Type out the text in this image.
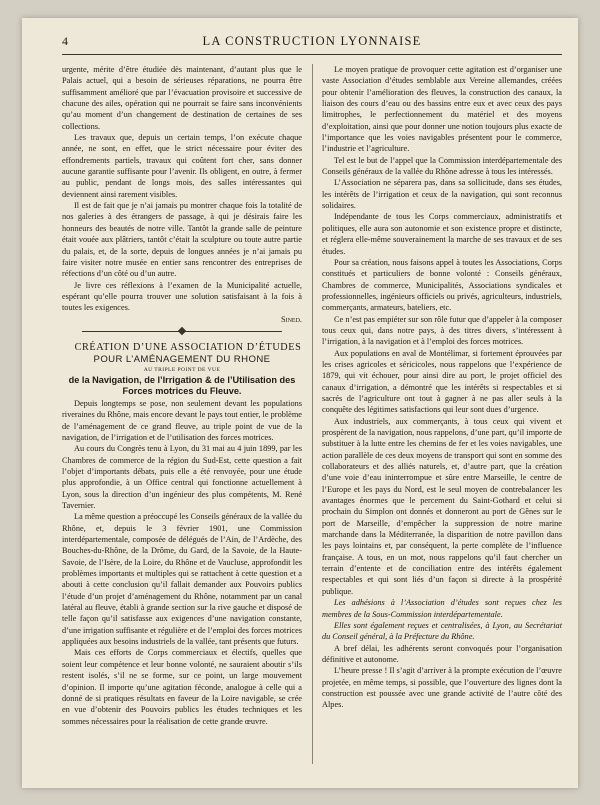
4	LA CONSTRUCTION LYONNAISE

urgente, mérite d’être étudiée dès maintenant, d’autant plus que le Palais actuel, qui a besoin de sérieuses réparations, ne pourra être suffisamment amélioré que par l’évacuation provisoire et successive de chacune des ailes, opération qui ne pourrait se faire sans inconvénients qu’au moment d’un changement de destination de certaines de ses collections.

Les travaux que, depuis un certain temps, l’on exécute chaque année, ne sont, en effet, que le strict nécessaire pour éviter des effondrements partiels, travaux qui coûtent fort cher, sans donner aucune garantie suffisante pour l’avenir. Ils obligent, en outre, à fermer au public, pendant de longs mois, des salles intéressantes qui deviennent ainsi rarement visibles.

Il est de fait que je n’ai jamais pu montrer chaque fois la totalité de nos galeries à des étrangers de passage, à qui je désirais faire les honneurs des beautés de notre ville. Tantôt la grande salle de peinture était vouée aux plâtriers, tantôt c’était la sculpture ou toute autre partie du palais, et, de la sorte, depuis de longues années je n’ai jamais pu faire visiter notre musée en entier sans rencontrer des entreprises de réfections d’un côté ou d’un autre.

Je livre ces réflexions à l’examen de la Municipalité actuelle, espérant qu’elle pourra trouver une solution satisfaisant à la fois à toutes les exigences.

Sined.

CRÉATION D’UNE ASSOCIATION D’ÉTUDES

POUR L’AMÉNAGEMENT DU RHONE

AU TRIPLE POINT DE VUE

de la Navigation, de l’Irrigation & de l’Utilisation des Forces motrices du Fleuve.

Depuis longtemps se pose, non seulement devant les populations riveraines du Rhône, mais encore devant le pays tout entier, le problème de l’aménagement de ce grand fleuve, au triple point de vue de la navigation, de l’irrigation et de l’utilisation des forces motrices.

Au cours du Congrès tenu à Lyon, du 31 mai au 4 juin 1899, par les Chambres de commerce de la région du Sud-Est, cette question a fait l’objet d’importants débats, puis elle a été renvoyée, pour une étude plus approfondie, à un Office central qui fonctionne actuellement à Lyon, sous la direction d’un ingénieur des plus compétents, M. René Tavernier.

La même question a préoccupé les Conseils généraux de la vallée du Rhône, et, depuis le 3 février 1901, une Commission interdépartementale, composée de délégués de l’Ain, de l’Ardèche, des Bouches-du-Rhône, de la Drôme, du Gard, de la Savoie, de la Haute-Savoie, de l’Isère, de la Loire, du Rhône et de Vaucluse, approfondit les problèmes importants et multiples qui se rattachent à cette question et a abouti à cette conclusion qu’il fallait demander aux Pouvoirs publics l’étude d’un projet d’aménagement du Rhône, notamment par un canal latéral au fleuve, établi à grande section sur la rive gauche et disposé de telle façon qu’il satisfasse aux exigences d’une navigation constante, d’une irrigation suffisante et régulière et de l’emploi des forces motrices appliquées aux besoins industriels de la vallée, tant présents que futurs.

Mais ces efforts de Corps commerciaux et électifs, quelles que soient leur compétence et leur bonne volonté, ne sauraient aboutir s’ils restent isolés, s’il ne se forme, sur ce point, un large mouvement d’opinion. Il importe qu’une agitation féconde, analogue à celle qui a donné de si pratiques résultats en faveur de la Loire navigable, se crée en vue d’obtenir des Pouvoirs publics les études techniques et les sommes nécessaires pour la réalisation de cette grande œuvre.

Le moyen pratique de provoquer cette agitation est d’organiser une vaste Association d’études semblable aux Vereine allemandes, créées pour obtenir l’amélioration des fleuves, la construction des canaux, la liaison des cours d’eau ou des bassins entre eux et avec ceux des pays limitrophes, le perfectionnement du matériel et des moyens d’exploitation, ainsi que pour donner une notion toujours plus exacte de l’importance que les voies navigables présentent pour le commerce, l’industrie et l’agriculture.

Tel est le but de l’appel que la Commission interdépartementale des Conseils généraux de la vallée du Rhône adresse à tous les intéressés.

L’Association ne séparera pas, dans sa sollicitude, dans ses études, les intérêts de l’irrigation et ceux de la navigation, qui sont reconnus solidaires.

Indépendante de tous les Corps commerciaux, administratifs et politiques, elle aura son autonomie et son existence propre et distincte, et réglera elle-même souverainement la marche de ses travaux et de ses études.

Pour sa création, nous faisons appel à toutes les Associations, Corps constitués et particuliers de bonne volonté : Conseils généraux, Chambres de commerce, Municipalités, Associations syndicales et professionnelles, ingénieurs officiels ou privés, agriculteurs, industriels, commerçants, armateurs, bateliers, etc.

Ce n’est pas empiéter sur son rôle futur que d’appeler à la composer tous ceux qui, dans notre pays, à des titres divers, s’intéressent à l’irrigation, à la navigation et à l’emploi des forces motrices.

Aux populations en aval de Montélimar, si fortement éprouvées par les crises agricoles et séricicoles, nous rappelons que l’expérience de 1879, qui vit échouer, pour ainsi dire au port, le projet officiel des canaux d’irrigation, a démontré que les intérêts si respectables et si sacrés de l’agriculture ont tout à gagner à ne pas aller seuls à la conquête des légitimes satisfactions qui leur sont dues d’urgence.

Aux industriels, aux commerçants, à tous ceux qui vivent et prospèrent de la navigation, nous rappelons, d’une part, qu’il importe de substituer à la lutte entre les chemins de fer et les voies navigables, une action parallèle de ces deux moyens de transport qui sont en somme des collaborateurs et des alliés naturels, et, d’autre part, que la création d’une voie d’eau ininterrompue et sûre entre Marseille, le centre de l’Europe et les pays du Nord, est le seul moyen de contrebalancer les avantages énormes que le percement du Saint-Gothard et celui si prochain du Simplon ont donnés et donneront au port de Gênes sur le port de Marseille, d’empêcher la suppression de notre marine marchande dans la Méditerranée, la disparition de notre pavillon dans les pays lointains et, par conséquent, la perte complète de l’influence française. A tous, en un mot, nous rappelons qu’il faut chercher un terrain d’entente et de conciliation entre des intérêts également respectables et qui sont liés d’un façon si directe à la prospérité publique.

Les adhésions à l’Association d’études sont reçues chez les membres de la Sous-Commission interdépartementale.

Elles sont également reçues et centralisées, à Lyon, au Secrétariat du Conseil général, à la Préfecture du Rhône.

A bref délai, les adhérents seront convoqués pour l’organisation définitive et autonome.

L’heure presse ! Il s’agit d’arriver à la prompte exécution de l’œuvre projetée, en même temps, si possible, que l’ouverture des lignes dont la construction est poussée avec une grande activité de l’autre côté des Alpes.
